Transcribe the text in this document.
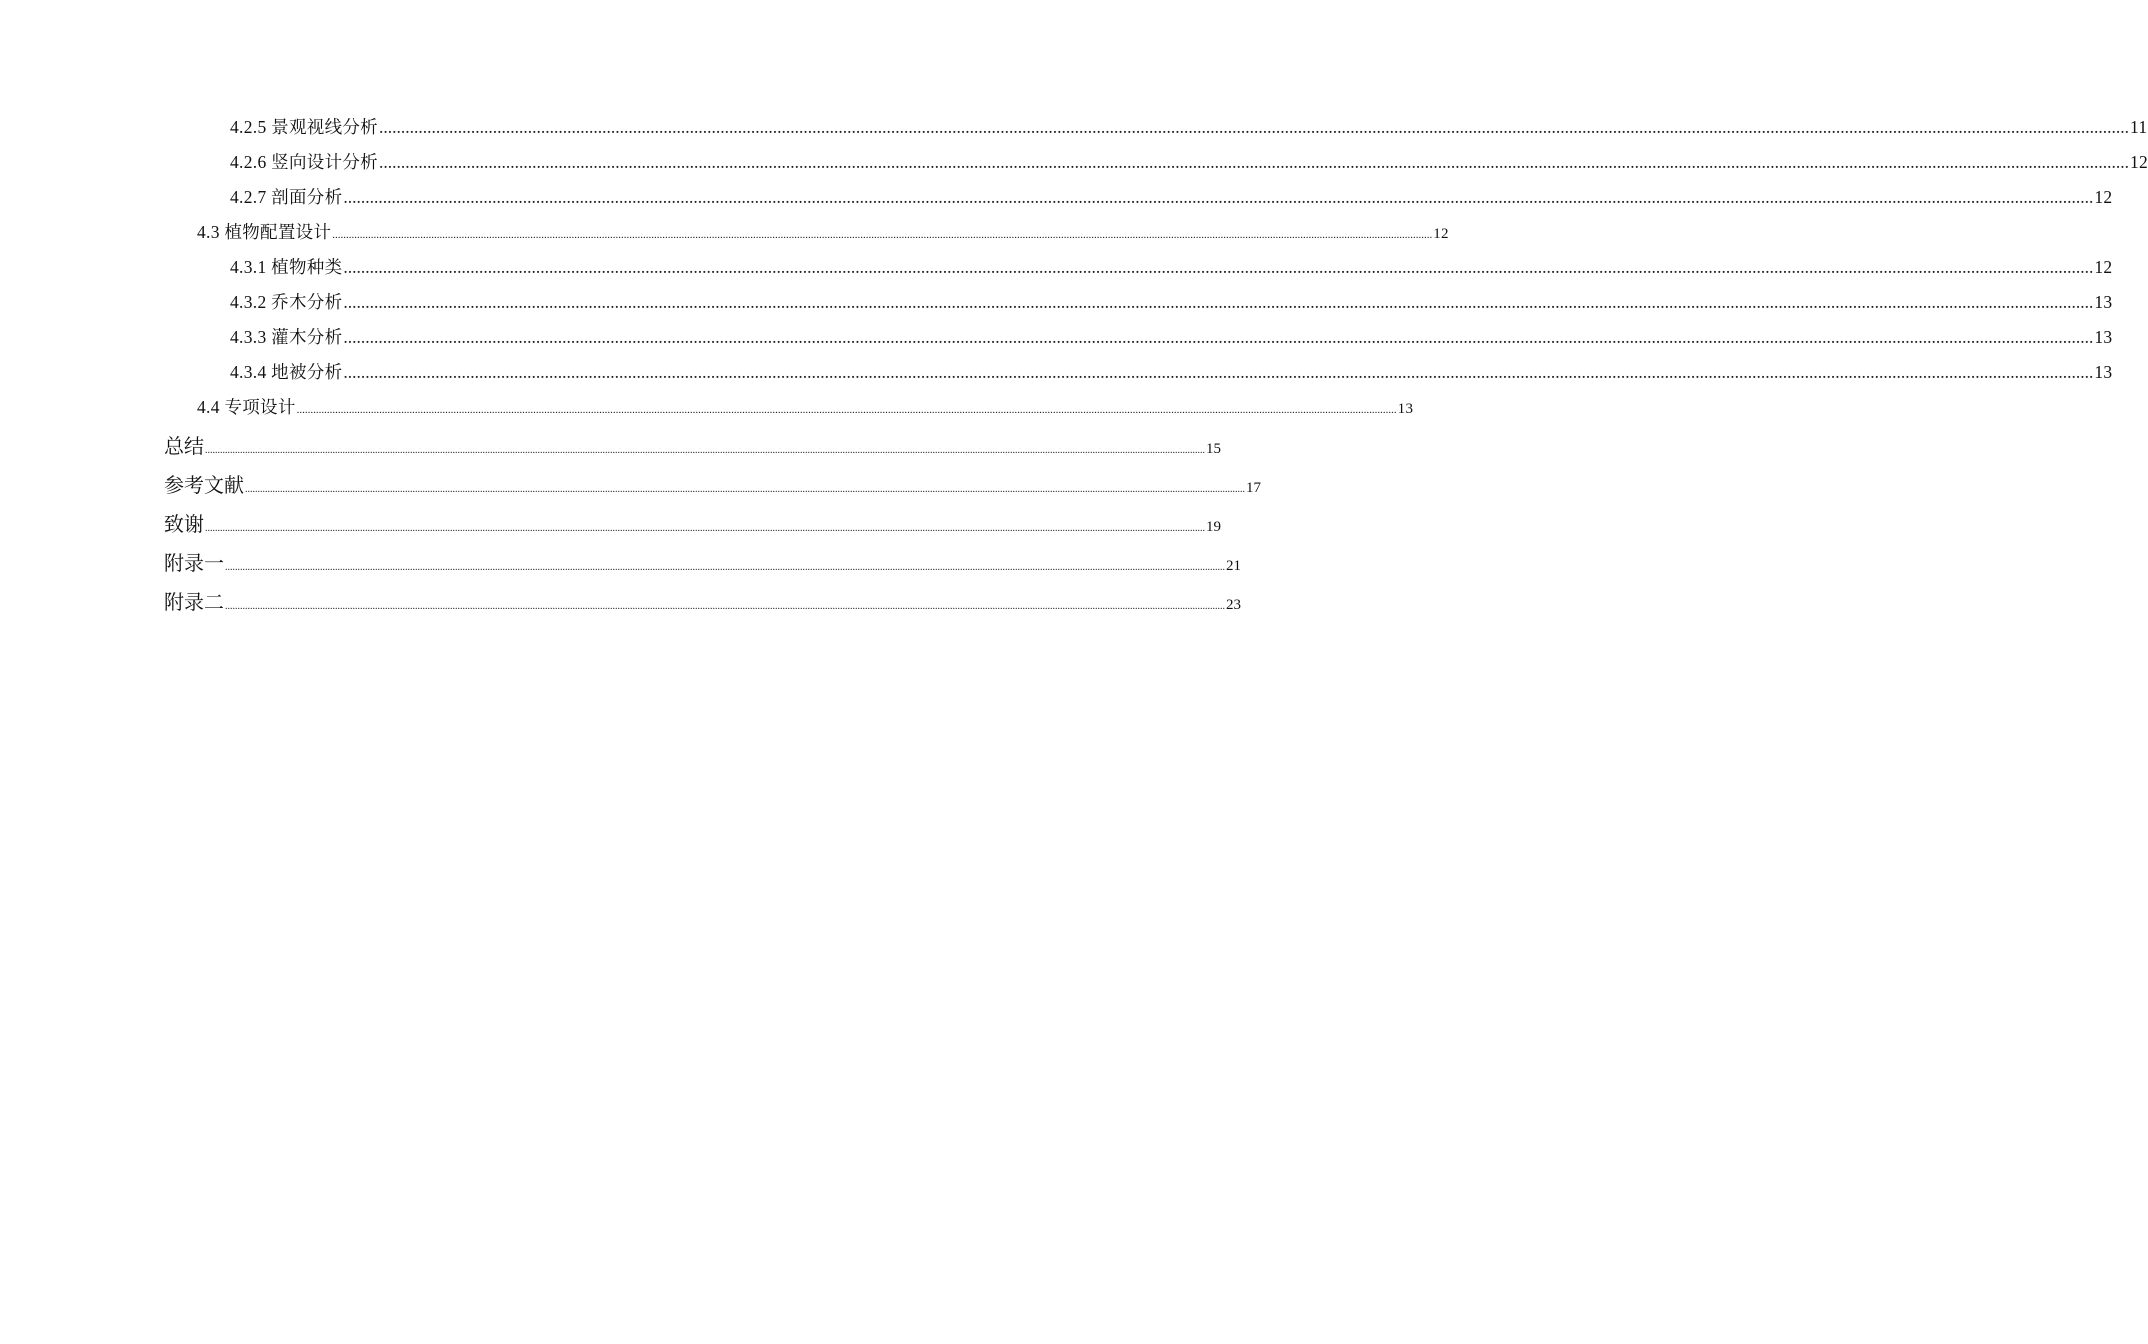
4.2.5 景观视线分析 ................................................................................................................................................................................................................................................................................................................................................................................................................ 11
4.2.6 竖向设计分析 ................................................................................................................................................................................................................................................................................................................................................................................................................ 12
4.2.7 剖面分析 ................................................................................................................................................................................................................................................................................................................................................................................................................ 12
4.3 植物配置设计 ................................................................................................................................................................................................................................................................................................................................................................................................................ 12
4.3.1 植物种类 ................................................................................................................................................................................................................................................................................................................................................................................................................ 12
4.3.2 乔木分析 ................................................................................................................................................................................................................................................................................................................................................................................................................ 13
4.3.3 灌木分析 ................................................................................................................................................................................................................................................................................................................................................................................................................ 13
4.3.4 地被分析 ................................................................................................................................................................................................................................................................................................................................................................................................................ 13
4.4 专项设计 ................................................................................................................................................................................................................................................................................................................................................................................................................ 13
总结 ................................................................................................................................................................................................................................................................................................................................................................................................................ 15
参考文献 ................................................................................................................................................................................................................................................................................................................................................................................................................ 17
致谢 ................................................................................................................................................................................................................................................................................................................................................................................................................ 19
附录一 ................................................................................................................................................................................................................................................................................................................................................................................................................ 21
附录二 ................................................................................................................................................................................................................................................................................................................................................................................................................ 23
